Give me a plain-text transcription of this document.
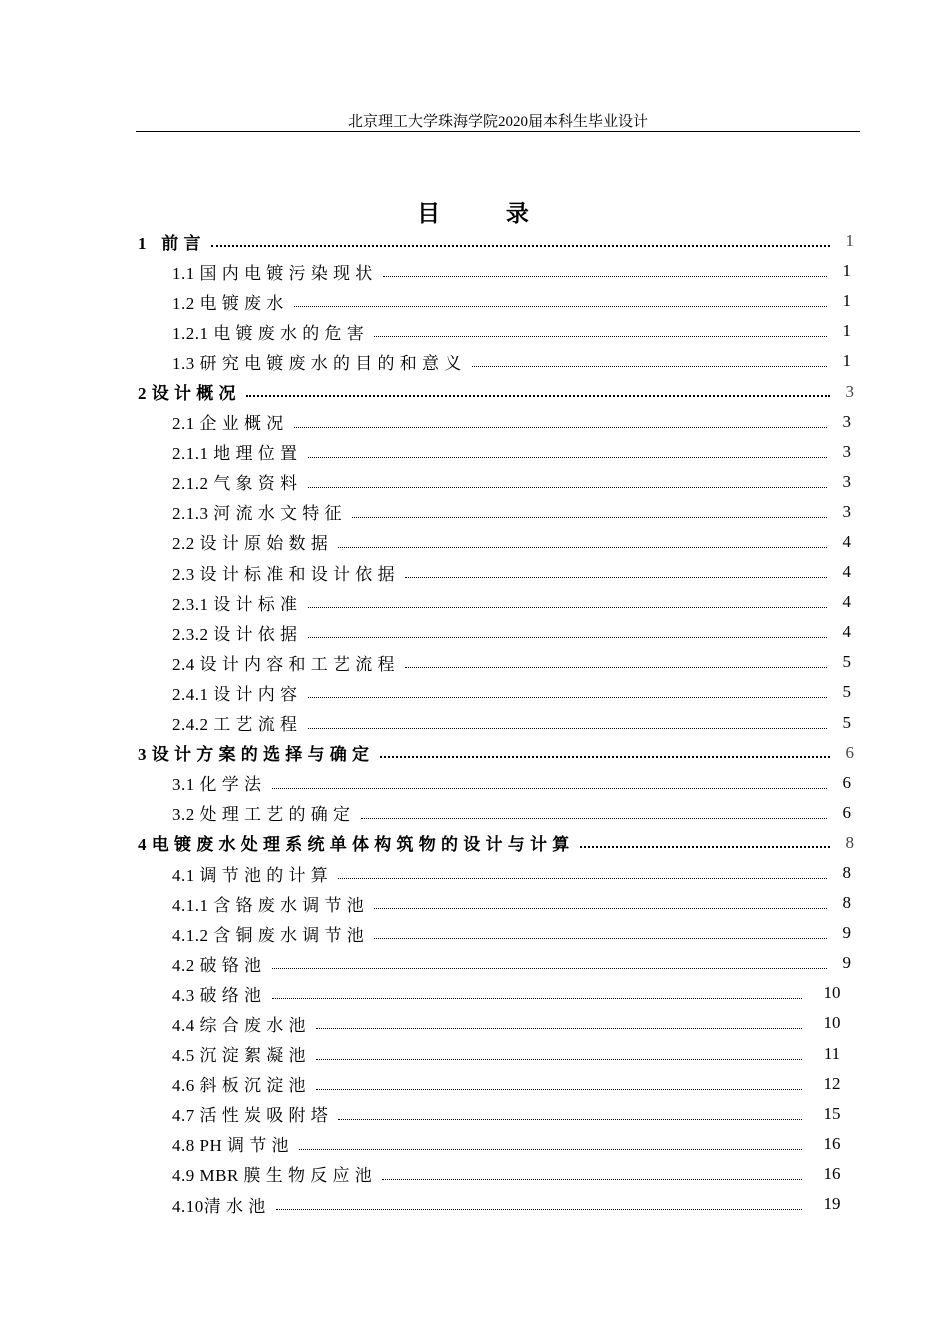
北京理工大学珠海学院2020届本科生毕业设计
目 录
1   前 言	1
1.1 国 内 电 镀 污 染 现 状	1
1.2 电 镀 废 水	1
1.2.1 电 镀 废 水 的 危 害	1
1.3 研 究 电 镀 废 水 的 目 的 和 意 义	1
2 设 计 概 况	3
2.1 企 业 概 况	3
2.1.1 地 理 位 置	3
2.1.2 气 象 资 料	3
2.1.3 河 流 水 文 特 征	3
2.2 设 计 原 始 数 据	4
2.3 设 计 标 准 和 设 计 依 据	4
2.3.1 设 计 标 准	4
2.3.2 设 计 依 据	4
2.4 设 计 内 容 和 工 艺 流 程	5
2.4.1 设 计 内 容	5
2.4.2 工 艺 流 程	5
3 设 计 方 案 的 选 择 与 确 定	6
3.1 化 学 法	6
3.2 处 理 工 艺 的 确 定	6
4 电 镀 废 水 处 理 系 统 单 体 构 筑 物 的 设 计 与 计 算	8
4.1 调 节 池 的 计 算	8
4.1.1 含 铬 废 水 调 节 池	8
4.1.2 含 铜 废 水 调 节 池	9
4.2 破 铬 池	9
4.3 破 络 池	10
4.4 综 合 废 水 池	10
4.5 沉 淀 絮 凝 池	11
4.6 斜 板 沉 淀 池	12
4.7 活 性 炭 吸 附 塔	15
4.8 PH 调 节 池	16
4.9 MBR 膜 生 物 反 应 池	16
4.10清 水 池	19
